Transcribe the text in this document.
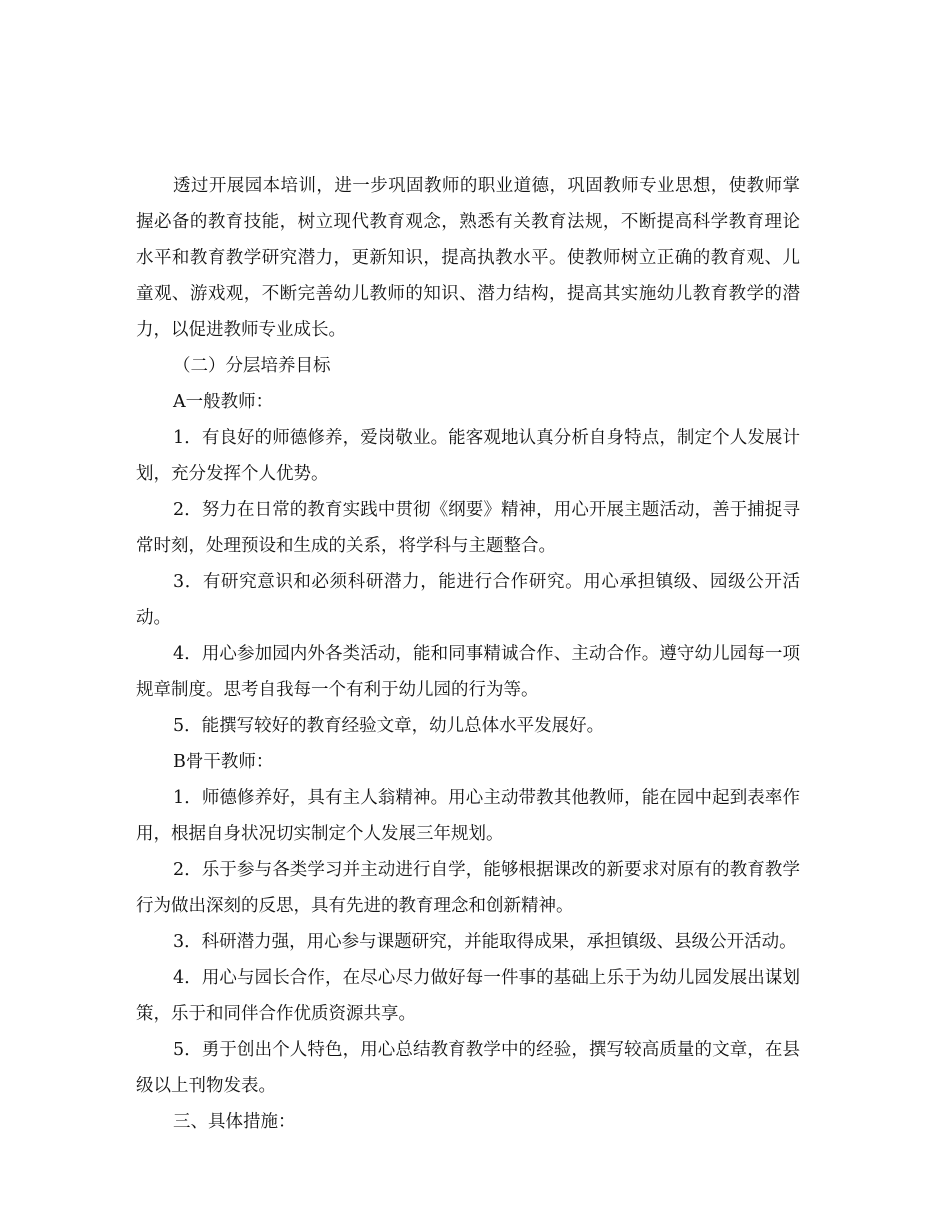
透过开展园本培训，进一步巩固教师的职业道德，巩固教师专业思想，使教师掌握必备的教育技能，树立现代教育观念，熟悉有关教育法规，不断提高科学教育理论水平和教育教学研究潜力，更新知识，提高执教水平。使教师树立正确的教育观、儿童观、游戏观，不断完善幼儿教师的知识、潜力结构，提高其实施幼儿教育教学的潜力，以促进教师专业成长。

（二）分层培养目标

A一般教师：

1．有良好的师德修养，爱岗敬业。能客观地认真分析自身特点，制定个人发展计划，充分发挥个人优势。

2．努力在日常的教育实践中贯彻《纲要》精神，用心开展主题活动，善于捕捉寻常时刻，处理预设和生成的关系，将学科与主题整合。

3．有研究意识和必须科研潜力，能进行合作研究。用心承担镇级、园级公开活动。

4．用心参加园内外各类活动，能和同事精诚合作、主动合作。遵守幼儿园每一项规章制度。思考自我每一个有利于幼儿园的行为等。

5．能撰写较好的教育经验文章，幼儿总体水平发展好。

B骨干教师：

1．师德修养好，具有主人翁精神。用心主动带教其他教师，能在园中起到表率作用，根据自身状况切实制定个人发展三年规划。

2．乐于参与各类学习并主动进行自学，能够根据课改的新要求对原有的教育教学行为做出深刻的反思，具有先进的教育理念和创新精神。

3．科研潜力强，用心参与课题研究，并能取得成果，承担镇级、县级公开活动。

4．用心与园长合作，在尽心尽力做好每一件事的基础上乐于为幼儿园发展出谋划策，乐于和同伴合作优质资源共享。

5．勇于创出个人特色，用心总结教育教学中的经验，撰写较高质量的文章，在县级以上刊物发表。

三、具体措施：
